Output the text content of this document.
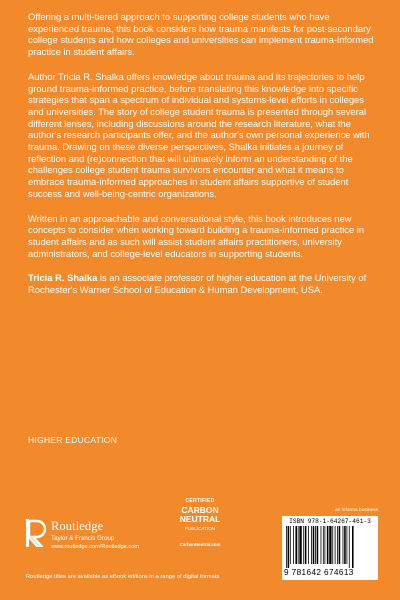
Offering a multi-tiered approach to supporting college students who have experienced trauma, this book considers how trauma manifests for post-secondary college students and how colleges and universities can implement trauma-informed practice in student affairs.

Author Tricia R. Shalka offers knowledge about trauma and its trajectories to help ground trauma-informed practice, before translating this knowledge into specific strategies that span a spectrum of individual and systems-level efforts in colleges and universities. The story of college student trauma is presented through several different lenses, including discussions around the research literature, what the author's research participants offer, and the author's own personal experience with trauma. Drawing on these diverse perspectives, Shalka initiates a journey of reflection and (re)connection that will ultimately inform an understanding of the challenges college student trauma survivors encounter and what it means to embrace trauma-informed approaches in student affairs supportive of student success and well-being-centric organizations.

Written in an approachable and conversational style, this book introduces new concepts to consider when working toward building a trauma-informed practice in student affairs and as such will assist student affairs practitioners, university administrators, and college-level educators in supporting students.

Tricia R. Shalka is an associate professor of higher education at the University of Rochester's Warner School of Education & Human Development, USA.

HIGHER EDUCATION
Routledge
Taylor & Francis Group
www.routledge.com/Routledge.com
Routledge titles are available as eBook editions in a range of digital formats
CERTIFIED
CARBON
NEUTRAL
PUBLICATION
CarbonNeutral.com
an informa business
ISBN 978-1-64267-461-3
9 781642 674613
